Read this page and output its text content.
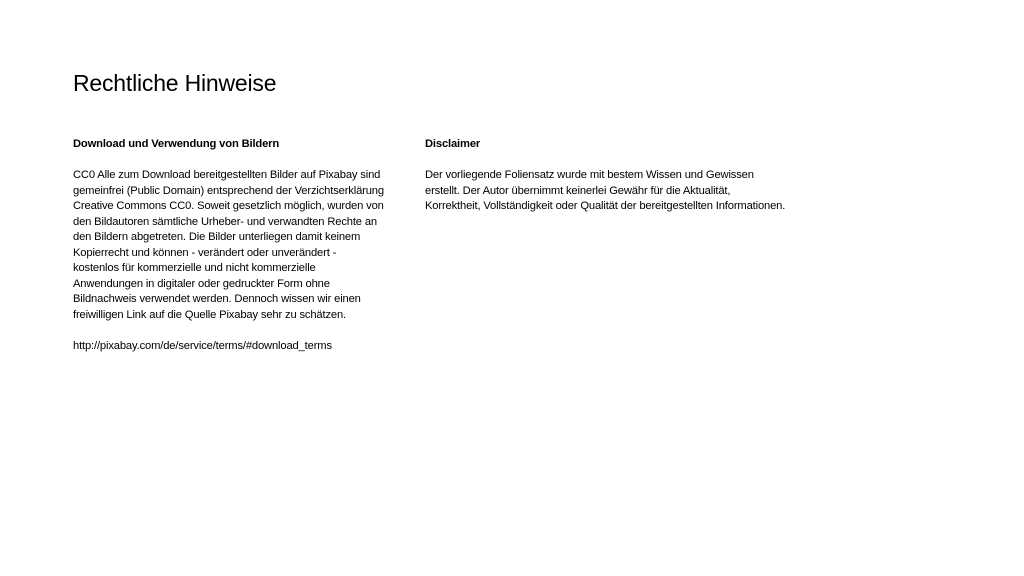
Rechtliche Hinweise

Download und Verwendung von Bildern

CC0 Alle zum Download bereitgestellten Bilder auf Pixabay sind gemeinfrei (Public Domain) entsprechend der Verzichtserklärung Creative Commons CC0. Soweit gesetzlich möglich, wurden von den Bildautoren sämtliche Urheber- und verwandten Rechte an den Bildern abgetreten. Die Bilder unterliegen damit keinem Kopierrecht und können - verändert oder unverändert - kostenlos für kommerzielle und nicht kommerzielle Anwendungen in digitaler oder gedruckter Form ohne Bildnachweis verwendet werden. Dennoch wissen wir einen freiwilligen Link auf die Quelle Pixabay sehr zu schätzen.

http://pixabay.com/de/service/terms/#download_terms

Disclaimer

Der vorliegende Foliensatz wurde mit bestem Wissen und Gewissen erstellt. Der Autor übernimmt keinerlei Gewähr für die Aktualität, Korrektheit, Vollständigkeit oder Qualität der bereitgestellten Informationen.
